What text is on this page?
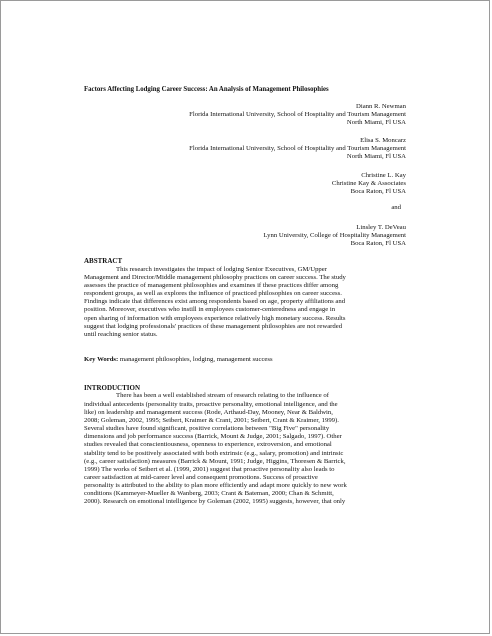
Factors Affecting Lodging Career Success: An Analysis of Management Philosophies
Diann R. Newman
Florida International University, School of Hospitality and Tourism Management
North Miami, Fl USA
Elisa S. Moncarz
Florida International University, School of Hospitality and Tourism Management
North Miami, Fl USA
Christine L. Kay
Christine Kay & Associates
Boca Raton, Fl USA
and
Linsley T. DeVeau
Lynn University, College of Hospitality Management
Boca Raton, Fl USA
ABSTRACT
This research investigates the impact of lodging Senior Executives, GM/Upper
Management and Director/Middle management philosophy practices on career success. The study
assesses the practice of management philosophies and examines if these practices differ among
respondent groups, as well as explores the influence of practiced philosophies on career success.
Findings indicate that differences exist among respondents based on age, property affiliations and
position. Moreover, executives who instill in employees customer-centeredness and engage in
open sharing of information with employees experience relatively high monetary success. Results
suggest that lodging professionals' practices of these management philosophies are not rewarded
until reaching senior status.
Key Words: management philosophies, lodging, management success
INTRODUCTION
There has been a well established stream of research relating to the influence of
individual antecedents (personality traits, proactive personality, emotional intelligence, and the
like) on leadership and management success (Rode, Arthaud-Day, Mooney, Near & Baldwin,
2008; Goleman, 2002, 1995; Seibert, Kraimer & Crant, 2001; Seibert, Crant & Kraimer, 1999).
Several studies have found significant, positive correlations between "Big Five" personality
dimensions and job performance success (Barrick, Mount & Judge, 2001; Salgado, 1997). Other
studies revealed that conscientiousness, openness to experience, extroversion, and emotional
stability tend to be positively associated with both extrinsic (e.g., salary, promotion) and intrinsic
(e.g., career satisfaction) measures (Barrick & Mount, 1991; Judge, Higgins, Thoresen & Barrick,
1999) The works of Seibert et al. (1999, 2001) suggest that proactive personality also leads to
career satisfaction at mid-career level and consequent promotions. Success of proactive
personality is attributed to the ability to plan more efficiently and adapt more quickly to new work
conditions (Kammeyer-Mueller & Wanberg, 2003; Crant & Bateman, 2000; Chan & Schmitt,
2000). Research on emotional intelligence by Goleman (2002, 1995) suggests, however, that only
